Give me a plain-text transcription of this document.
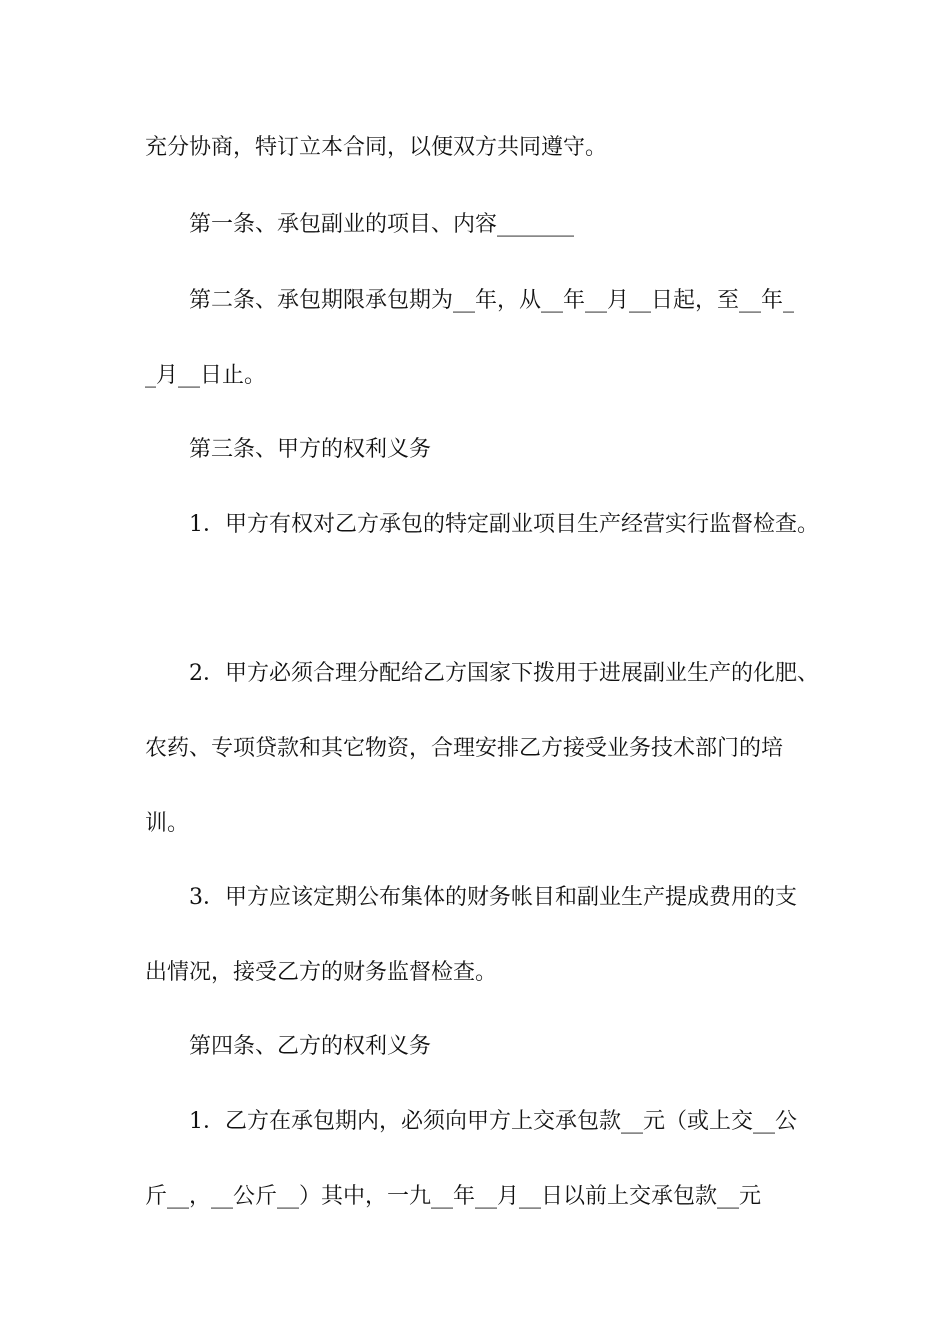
充分协商，特订立本合同，以便双方共同遵守。
第一条、承包副业的项目、内容_______
第二条、承包期限承包期为__年，从__年__月__日起，至__年_
_月__日止。
第三条、甲方的权利义务
1．甲方有权对乙方承包的特定副业项目生产经营实行监督检查。
2．甲方必须合理分配给乙方国家下拨用于进展副业生产的化肥、
农药、专项贷款和其它物资，合理安排乙方接受业务技术部门的培
训。
3．甲方应该定期公布集体的财务帐目和副业生产提成费用的支
出情况，接受乙方的财务监督检查。
第四条、乙方的权利义务
1．乙方在承包期内，必须向甲方上交承包款__元（或上交__公
斤__，__公斤__）其中，一九__年__月__日以前上交承包款__元
